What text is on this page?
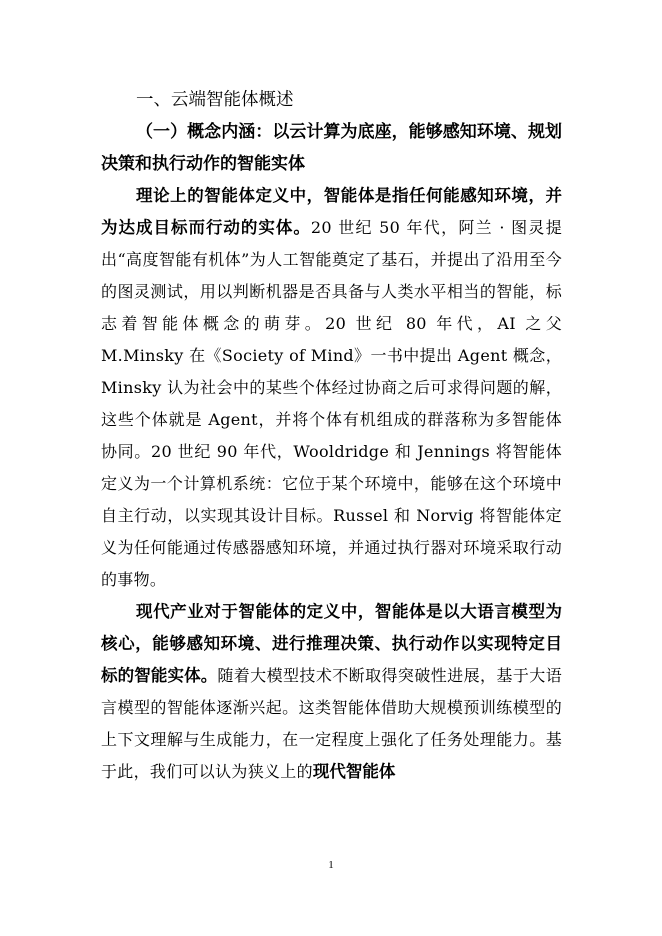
一、云端智能体概述

（一）概念内涵：以云计算为底座，能够感知环境、规划决策和执行动作的智能实体

理论上的智能体定义中，智能体是指任何能感知环境，并为达成目标而行动的实体。20 世纪 50 年代，阿兰 · 图灵提出“高度智能有机体”为人工智能奠定了基石，并提出了沿用至今的图灵测试，用以判断机器是否具备与人类水平相当的智能，标志着智能体概念的萌芽。20 世纪 80 年代，AI 之父 M.Minsky 在《Society of Mind》一书中提出 Agent 概念，Minsky 认为社会中的某些个体经过协商之后可求得问题的解，这些个体就是 Agent，并将个体有机组成的群落称为多智能体协同。20 世纪 90 年代，Wooldridge 和 Jennings 将智能体定义为一个计算机系统：它位于某个环境中，能够在这个环境中自主行动，以实现其设计目标。Russel 和 Norvig 将智能体定义为任何能通过传感器感知环境，并通过执行器对环境采取行动的事物。

现代产业对于智能体的定义中，智能体是以大语言模型为核心，能够感知环境、进行推理决策、执行动作以实现特定目标的智能实体。随着大模型技术不断取得突破性进展，基于大语言模型的智能体逐渐兴起。这类智能体借助大规模预训练模型的上下文理解与生成能力，在一定程度上强化了任务处理能力。基于此，我们可以认为狭义上的现代智能体

1
